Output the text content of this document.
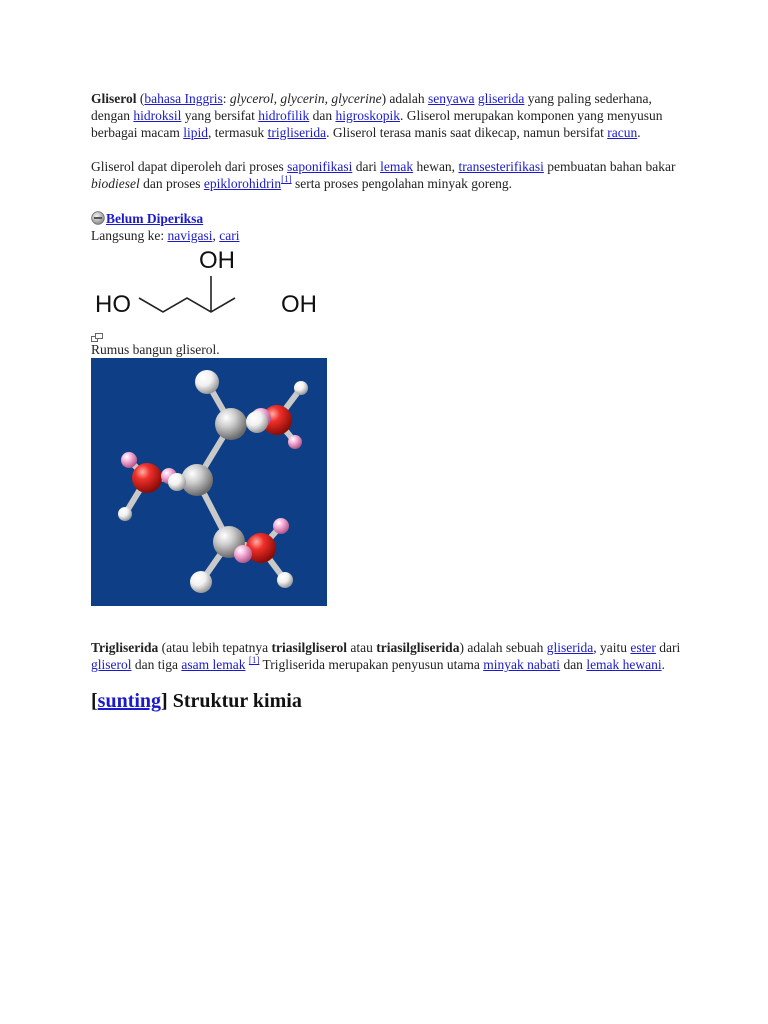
Gliserol (bahasa Inggris: glycerol, glycerin, glycerine) adalah senyawa gliserida yang paling sederhana, dengan hidroksil yang bersifat hidrofilik dan higroskopik. Gliserol merupakan komponen yang menyusun berbagai macam lipid, termasuk trigliserida. Gliserol terasa manis saat dikecap, namun bersifat racun.

Gliserol dapat diperoleh dari proses saponifikasi dari lemak hewan, transesterifikasi pembuatan bahan bakar biodiesel dan proses epiklorohidrin[1] serta proses pengolahan minyak goreng.

Belum Diperiksa
Langsung ke: navigasi, cari
OH
HO	OH
Rumus bangun gliserol.

Trigliserida (atau lebih tepatnya triasilgliserol atau triasilgliserida) adalah sebuah gliserida, yaitu ester dari gliserol dan tiga asam lemak [1] Trigliserida merupakan penyusun utama minyak nabati dan lemak hewani.

[sunting] Struktur kimia
